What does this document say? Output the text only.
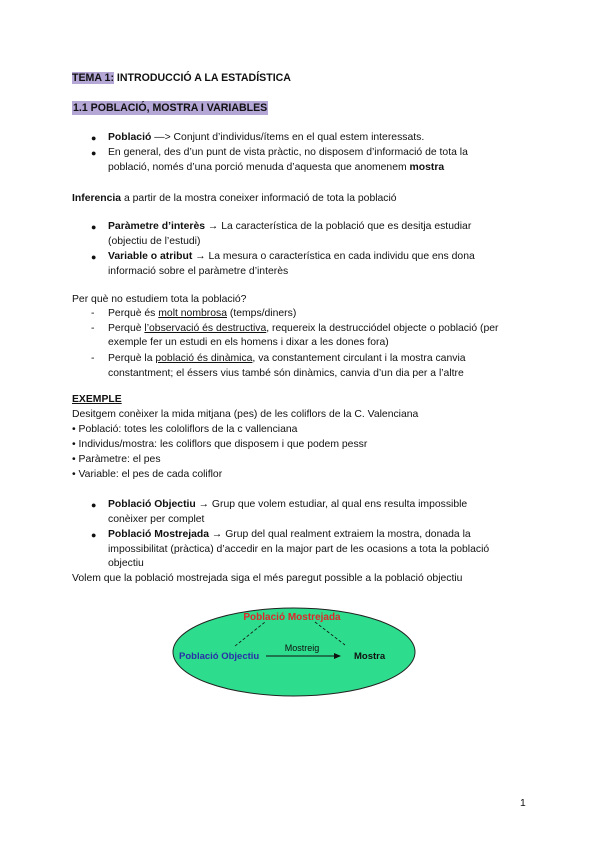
TEMA 1: INTRODUCCIÓ A LA ESTADÍSTICA
1.1 POBLACIÓ, MOSTRA I VARIABLES
● Població —> Conjunt d’individus/ítems en el qual estem interessats.
● En general, des d’un punt de vista pràctic, no disposem d’informació de tota la
població, només d’una porció menuda d’aquesta que anomenem mostra
Inferencia a partir de la mostra coneixer informació de tota la població
● Paràmetre d’interès → La característica de la població que es desitja estudiar
(objectiu de l’estudi)
● Variable o atribut → La mesura o característica en cada individu que ens dona
informació sobre el paràmetre d’interès
Per què no estudiem tota la població?
- Perquè és molt nombrosa (temps/diners)
- Perquè l’observació és destructiva, requereix la destrucciódel objecte o població (per
exemple fer un estudi en els homens i dixar a les dones fora)
- Perquè la població és dinàmica, va constantement circulant i la mostra canvia
constantment; el éssers vius també són dinàmics, canvia d’un dia per a l’altre
EXEMPLE
Desitgem conèixer la mida mitjana (pes) de les coliflors de la C. Valenciana
• Població: totes les cololiflors de la c vallenciana
• Individus/mostra: les coliflors que disposem i que podem pessr
• Paràmetre: el pes
• Variable: el pes de cada coliflor
● Població Objectiu → Grup que volem estudiar, al qual ens resulta impossible
conèixer per complet
● Població Mostrejada → Grup del qual realment extraiem la mostra, donada la
impossibilitat (pràctica) d’accedir en la major part de les ocasions a tota la població
objectiu
Volem que la població mostrejada siga el més paregut possible a la població objectiu
Població Mostrejada
Mostreig
Població Objectiu	Mostra
1
